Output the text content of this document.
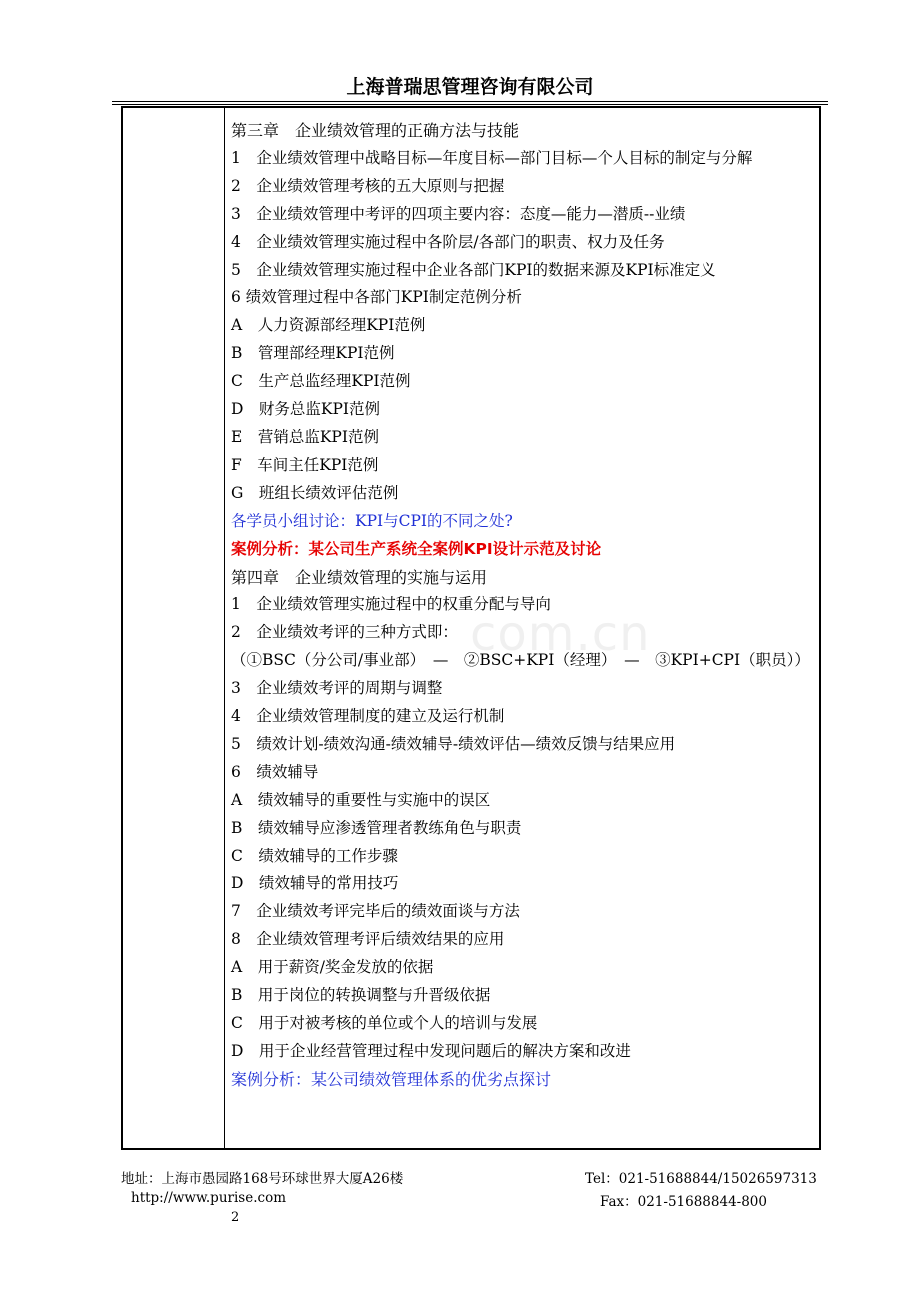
上海普瑞思管理咨询有限公司
com.cn
第三章　企业绩效管理的正确方法与技能
1　企业绩效管理中战略目标—年度目标—部门目标—个人目标的制定与分解
2　企业绩效管理考核的五大原则与把握
3　企业绩效管理中考评的四项主要内容：态度—能力—潜质--业绩
4　企业绩效管理实施过程中各阶层/各部门的职责、权力及任务
5　企业绩效管理实施过程中企业各部门KPI的数据来源及KPI标准定义
6 绩效管理过程中各部门KPI制定范例分析
A　人力资源部经理KPI范例
B　管理部经理KPI范例
C　生产总监经理KPI范例
D　财务总监KPI范例
E　营销总监KPI范例
F　车间主任KPI范例
G　班组长绩效评估范例
各学员小组讨论：KPI与CPI的不同之处?
案例分析：某公司生产系统全案例KPI设计示范及讨论
第四章　企业绩效管理的实施与运用
1　企业绩效管理实施过程中的权重分配与导向
2　企业绩效考评的三种方式即：
（①BSC（分公司/事业部）　—　②BSC+KPI（经理）　—　③KPI+CPI（职员））
3　企业绩效考评的周期与调整
4　企业绩效管理制度的建立及运行机制
5　绩效计划-绩效沟通-绩效辅导-绩效评估—绩效反馈与结果应用
6　绩效辅导
A　绩效辅导的重要性与实施中的误区
B　绩效辅导应渗透管理者教练角色与职责
C　绩效辅导的工作步骤
D　绩效辅导的常用技巧
7　企业绩效考评完毕后的绩效面谈与方法
8　企业绩效管理考评后绩效结果的应用
A　用于薪资/奖金发放的依据
B　用于岗位的转换调整与升晋级依据
C　用于对被考核的单位或个人的培训与发展
D　用于企业经营管理过程中发现问题后的解决方案和改进
案例分析：某公司绩效管理体系的优劣点探讨
地址：上海市愚园路168号环球世界大厦A26楼	Tel：021-51688844/15026597313
http://www.purise.com	Fax：021-51688844-800
2
